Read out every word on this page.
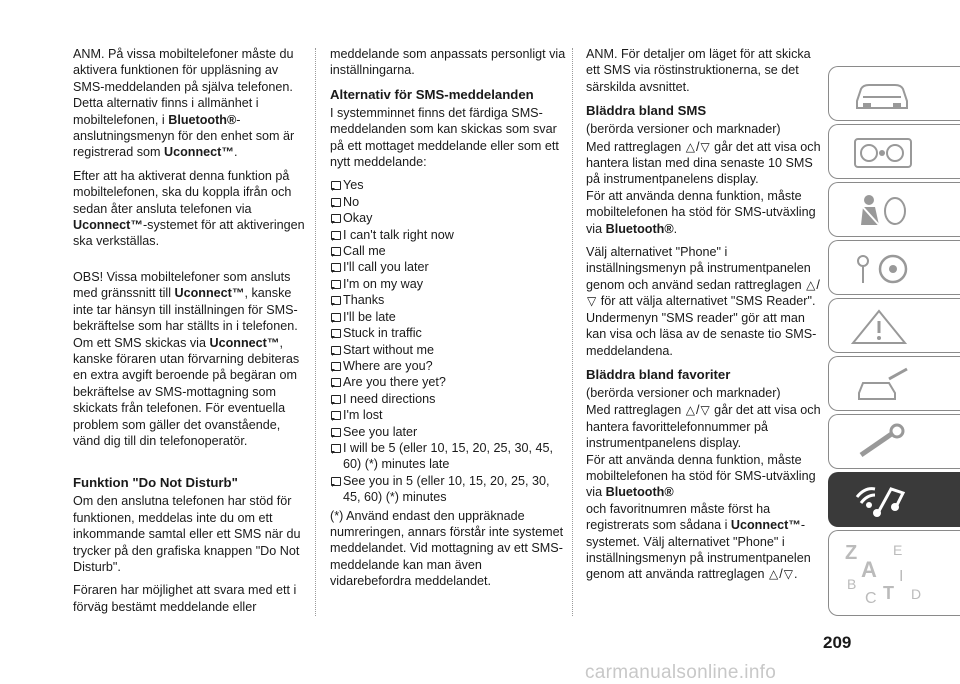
ANM. På vissa mobiltelefoner måste du aktivera funktionen för uppläsning av SMS-meddelanden på själva telefonen. Detta alternativ finns i allmänhet i mobiltelefonen, i Bluetooth®-anslutningsmenyn för den enhet som är registrerad som Uconnect™.

Efter att ha aktiverat denna funktion på mobiltelefonen, ska du koppla ifrån och sedan åter ansluta telefonen via Uconnect™-systemet för att aktiveringen ska verkställas.

OBS! Vissa mobiltelefoner som ansluts med gränssnitt till Uconnect™, kanske inte tar hänsyn till inställningen för SMS-bekräftelse som har ställts in i telefonen. Om ett SMS skickas via Uconnect™, kanske föraren utan förvarning debiteras en extra avgift beroende på begäran om bekräftelse av SMS-mottagning som skickats från telefonen. För eventuella problem som gäller det ovanstående, vänd dig till din telefonoperatör.

Funktion "Do Not Disturb"

Om den anslutna telefonen har stöd för funktionen, meddelas inte du om ett inkommande samtal eller ett SMS när du trycker på den grafiska knappen "Do Not Disturb".

Föraren har möjlighet att svara med ett i förväg bestämt meddelande eller

meddelande som anpassats personligt via inställningarna.

Alternativ för SMS-meddelanden

I systemminnet finns det färdiga SMS-meddelanden som kan skickas som svar på ett mottaget meddelande eller som ett nytt meddelande:

Yes
No
Okay
I can't talk right now
Call me
I'll call you later
I'm on my way
Thanks
I'll be late
Stuck in traffic
Start without me
Where are you?
Are you there yet?
I need directions
I'm lost
See you later
I will be 5 (eller 10, 15, 20, 25, 30, 45, 60) (*) minutes late
See you in 5 (eller 10, 15, 20, 25, 30, 45, 60) (*) minutes

(*) Använd endast den uppräknade numreringen, annars förstår inte systemet meddelandet. Vid mottagning av ett SMS-meddelande kan man även vidarebefordra meddelandet.

ANM. För detaljer om läget för att skicka ett SMS via röstinstruktionerna, se det särskilda avsnittet.

Bläddra bland SMS

(berörda versioner och marknader)

Med rattreglagen △/▽ går det att visa och hantera listan med dina senaste 10 SMS på instrumentpanelens display.

För att använda denna funktion, måste mobiltelefonen ha stöd för SMS-utväxling via Bluetooth®.

Välj alternativet "Phone" i inställningsmenyn på instrumentpanelen genom och använd sedan rattreglagen △/▽ för att välja alternativet "SMS Reader".

Undermenyn "SMS reader" gör att man kan visa och läsa av de senaste tio SMS-meddelandena.

Bläddra bland favoriter

(berörda versioner och marknader)

Med rattreglagen △/▽ går det att visa och hantera favorittelefonnummer på instrumentpanelens display.

För att använda denna funktion, måste mobiltelefonen ha stöd för SMS-utväxling via Bluetooth®

och favoritnumren måste först ha registrerats som sådana i Uconnect™-systemet. Välj alternativet "Phone" i inställningsmenyn på instrumentpanelen genom att använda rattreglagen △/▽.

Z	E
A
B	I
C T D
209
carmanualsonline.info
